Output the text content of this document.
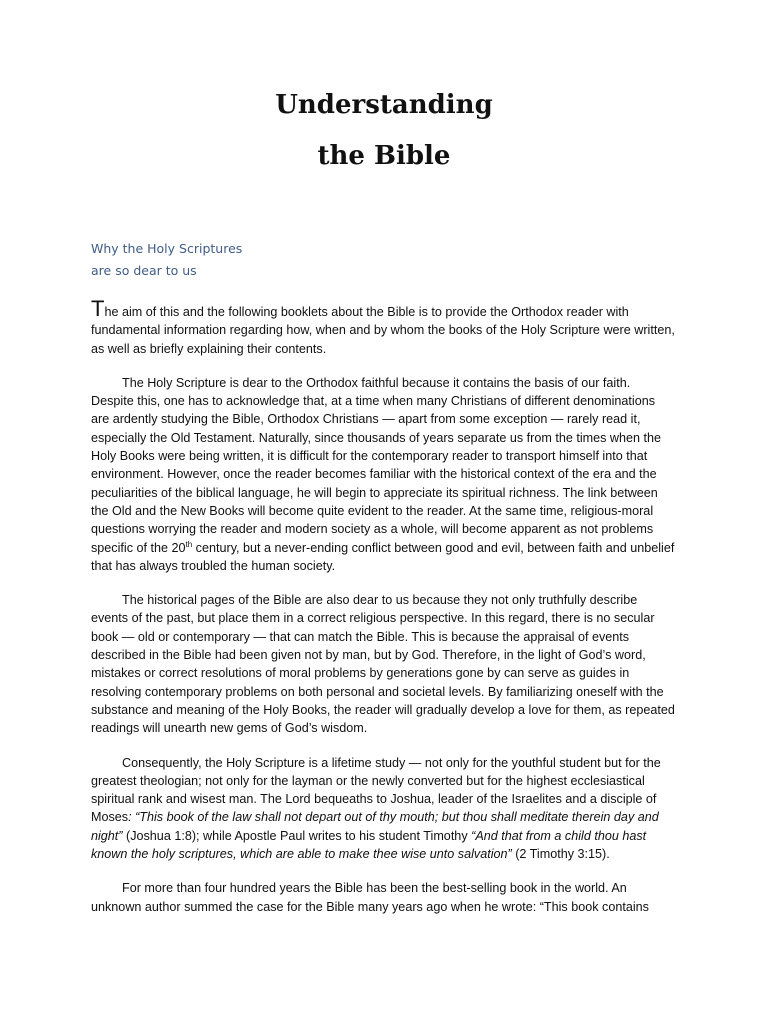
Understanding
the Bible
Why the Holy Scriptures
are so dear to us

The aim of this and the following booklets about the Bible is to provide the Orthodox reader with fundamental information regarding how, when and by whom the books of the Holy Scripture were written, as well as briefly explaining their contents.

The Holy Scripture is dear to the Orthodox faithful because it contains the basis of our faith. Despite this, one has to acknowledge that, at a time when many Christians of different denominations are ardently studying the Bible, Orthodox Christians — apart from some exception — rarely read it, especially the Old Testament. Naturally, since thousands of years separate us from the times when the Holy Books were being written, it is difficult for the contemporary reader to transport himself into that environment. However, once the reader becomes familiar with the historical context of the era and the peculiarities of the biblical language, he will begin to appreciate its spiritual richness. The link between the Old and the New Books will become quite evident to the reader. At the same time, religious-moral questions worrying the reader and modern society as a whole, will become apparent as not problems specific of the 20th century, but a never-ending conflict between good and evil, between faith and unbelief that has always troubled the human society.

The historical pages of the Bible are also dear to us because they not only truthfully describe events of the past, but place them in a correct religious perspective. In this regard, there is no secular book — old or contemporary — that can match the Bible. This is because the appraisal of events described in the Bible had been given not by man, but by God. Therefore, in the light of God’s word, mistakes or correct resolutions of moral problems by generations gone by can serve as guides in resolving contemporary problems on both personal and societal levels. By familiarizing oneself with the substance and meaning of the Holy Books, the reader will gradually develop a love for them, as repeated readings will unearth new gems of God’s wisdom.

Consequently, the Holy Scripture is a lifetime study — not only for the youthful student but for the greatest theologian; not only for the layman or the newly converted but for the highest ecclesiastical spiritual rank and wisest man. The Lord bequeaths to Joshua, leader of the Israelites and a disciple of Moses: “This book of the law shall not depart out of thy mouth; but thou shall meditate therein day and night” (Joshua 1:8); while Apostle Paul writes to his student Timothy “And that from a child thou hast known the holy scriptures, which are able to make thee wise unto salvation” (2 Timothy 3:15).

For more than four hundred years the Bible has been the best-selling book in the world. An unknown author summed the case for the Bible many years ago when he wrote: “This book contains
